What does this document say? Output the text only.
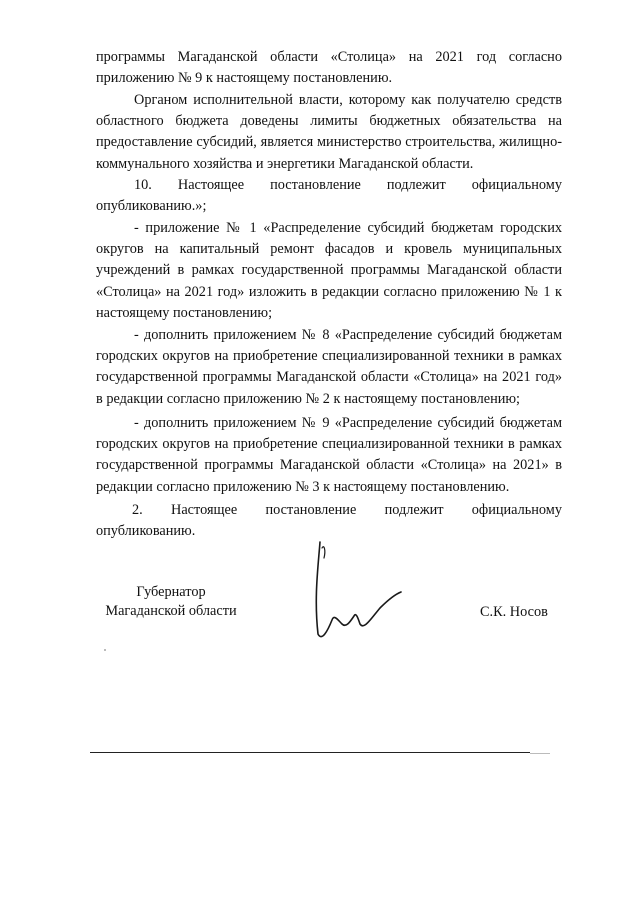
программы Магаданской области «Столица» на 2021 год согласно приложению № 9 к настоящему постановлению.

Органом исполнительной власти, которому как получателю средств областного бюджета доведены лимиты бюджетных обязательства на предоставление субсидий, является министерство строительства, жилищно-коммунального хозяйства и энергетики Магаданской области.

10. Настоящее постановление подлежит официальному опубликованию.»;

- приложение № 1 «Распределение субсидий бюджетам городских округов на капитальный ремонт фасадов и кровель муниципальных учреждений в рамках государственной программы Магаданской области «Столица» на 2021 год» изложить в редакции согласно приложению № 1 к настоящему постановлению;

- дополнить приложением № 8 «Распределение субсидий бюджетам городских округов на приобретение специализированной техники в рамках государственной программы Магаданской области «Столица» на 2021 год» в редакции согласно приложению № 2 к настоящему постановлению;

- дополнить приложением № 9 «Распределение субсидий бюджетам городских округов на приобретение специализированной техники в рамках государственной программы Магаданской области «Столица» на 2021» в редакции согласно приложению № 3 к настоящему постановлению.

2. Настоящее постановление подлежит официальному опубликованию.

Губернатор
Магаданской области	С.К. Носов
